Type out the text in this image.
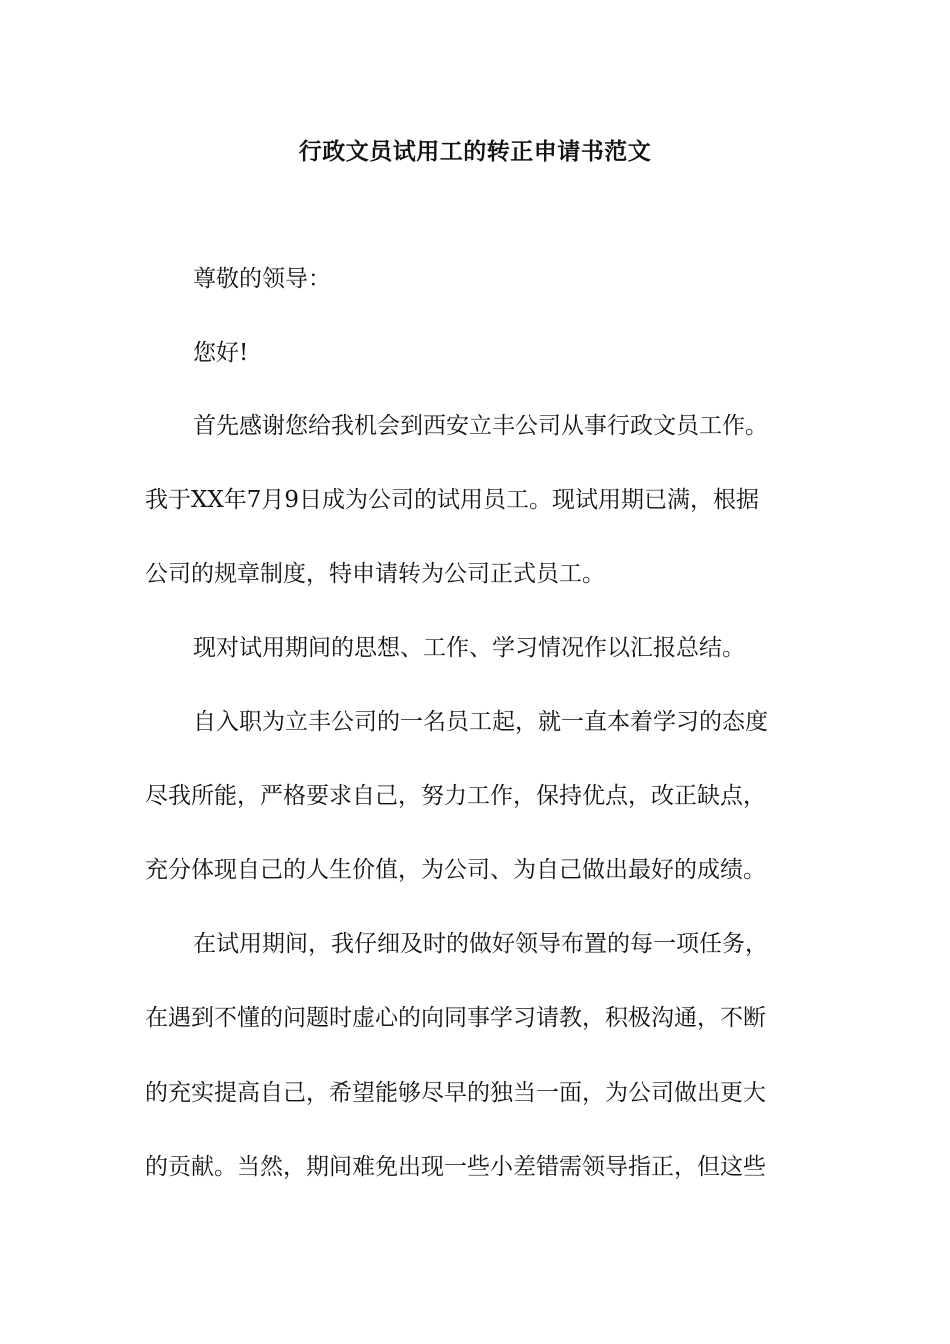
行政文员试用工的转正申请书范文
尊敬的领导：
您好!
首先感谢您给我机会到西安立丰公司从事行政文员工作。
我于XX年7月9日成为公司的试用员工。现试用期已满，根据
公司的规章制度，特申请转为公司正式员工。
现对试用期间的思想、工作、学习情况作以汇报总结。
自入职为立丰公司的一名员工起，就一直本着学习的态度
尽我所能，严格要求自己，努力工作，保持优点，改正缺点，
充分体现自己的人生价值，为公司、为自己做出最好的成绩。
在试用期间，我仔细及时的做好领导布置的每一项任务，
在遇到不懂的问题时虚心的向同事学习请教，积极沟通，不断
的充实提高自己，希望能够尽早的独当一面，为公司做出更大
的贡献。当然，期间难免出现一些小差错需领导指正，但这些
